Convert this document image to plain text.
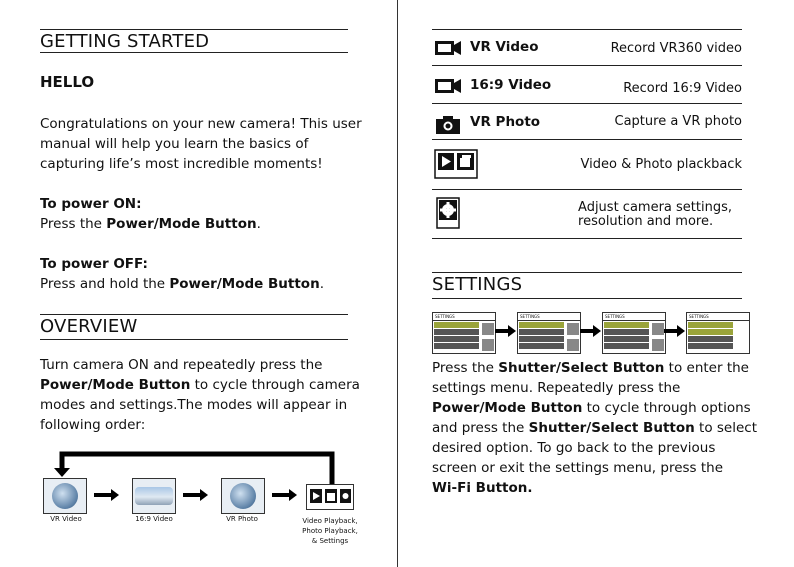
GETTING STARTED
HELLO
Congratulations on your new camera! This user
manual will help you learn the basics of
capturing life’s most incredible moments!
To power ON:
Press the Power/Mode Button.
To power OFF:
Press and hold the Power/Mode Button.
OVERVIEW
Turn camera ON and repeatedly press the
Power/Mode Button to cycle through camera
modes and settings.The modes will appear in
following order:
VR Video	16:9 Video	VR Photo	Video Playback,
Photo Playback,
& Settings
VR Video	Record VR360 video
16:9 Video	Record 16:9 Video
VR Photo	Capture a VR photo
Video & Photo plackback
Adjust camera settings,
resolution and more.
SETTINGS
SETTINGS	SETTINGS	SETTINGS	SETTINGS
Press the Shutter/Select Button to enter the
settings menu. Repeatedly press the
Power/Mode Button to cycle through options
and press the Shutter/Select Button to select
desired option. To go back to the previous
screen or exit the settings menu, press the
Wi-Fi Button.
